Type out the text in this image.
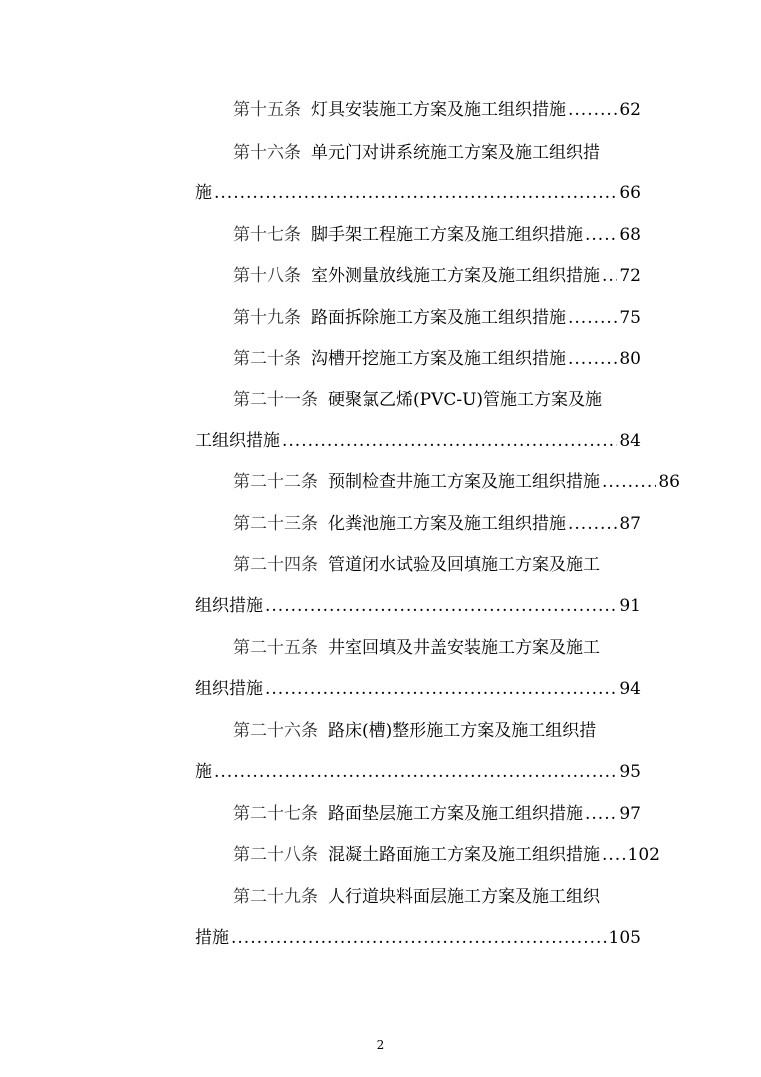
第十五条 灯具安装施工方案及施工组织措施 .....	62
第十六条 单元门对讲系统施工方案及施工组织措
施 .....	66
第十七条 脚手架工程施工方案及施工组织措施 ..... 68
第十八条 室外测量放线施工方案及施工组织措施 ..... 72
第十九条 路面拆除施工方案及施工组织措施 .....	75
第二十条 沟槽开挖施工方案及施工组织措施 .....	80
第二十一条 硬聚氯乙烯(PVC-U)管施工方案及施
工组织措施 .....	84
第二十二条 预制检查井施工方案及施工组织措施 .....	86
第二十三条 化粪池施工方案及施工组织措施 .....	87
第二十四条 管道闭水试验及回填施工方案及施工
组织措施 .....	91
第二十五条 井室回填及井盖安装施工方案及施工
组织措施 .....	94
第二十六条 路床(槽)整形施工方案及施工组织措
施 .....	95
第二十七条 路面垫层施工方案及施工组织措施 ..... 97
第二十八条 混凝土路面施工方案及施工组织措施 ..... 102
第二十九条 人行道块料面层施工方案及施工组织
措施 .....	105
2
